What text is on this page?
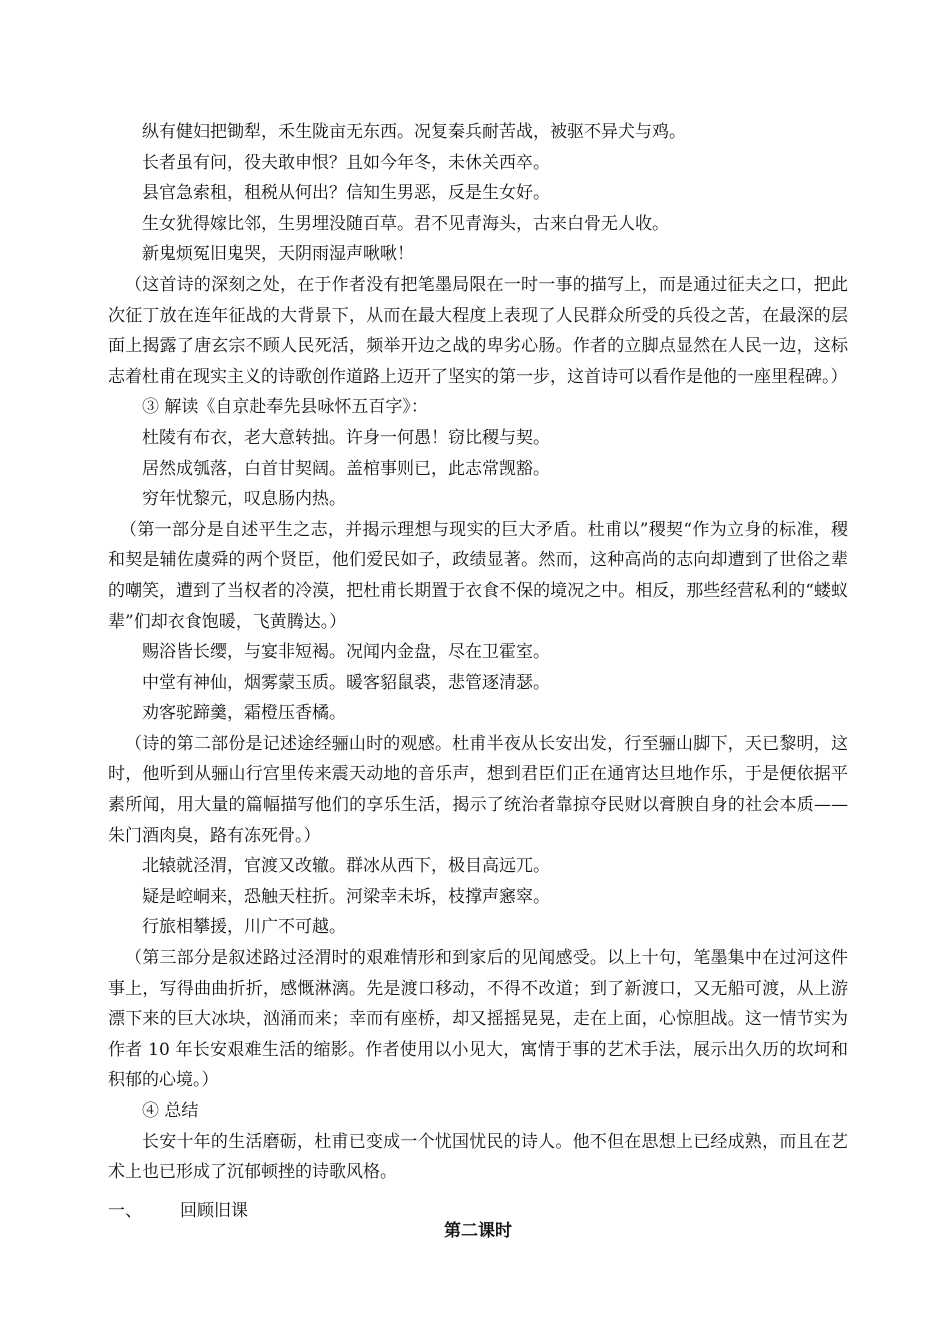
纵有健妇把锄犁，禾生陇亩无东西。况复秦兵耐苦战，被驱不异犬与鸡。

长者虽有问，役夫敢申恨？且如今年冬，未休关西卒。

县官急索租，租税从何出？信知生男恶，反是生女好。

生女犹得嫁比邻，生男埋没随百草。君不见青海头，古来白骨无人收。

新鬼烦冤旧鬼哭，天阴雨湿声啾啾！

（这首诗的深刻之处，在于作者没有把笔墨局限在一时一事的描写上，而是通过征夫之口，把此次征丁放在连年征战的大背景下，从而在最大程度上表现了人民群众所受的兵役之苦，在最深的层面上揭露了唐玄宗不顾人民死活，频举开边之战的卑劣心肠。作者的立脚点显然在人民一边，这标志着杜甫在现实主义的诗歌创作道路上迈开了坚实的第一步，这首诗可以看作是他的一座里程碑。）

③ 解读《自京赴奉先县咏怀五百字》：

杜陵有布衣，老大意转拙。许身一何愚！窃比稷与契。

居然成瓠落，白首甘契阔。盖棺事则已，此志常觊豁。

穷年忧黎元，叹息肠内热。

（第一部分是自述平生之志，并揭示理想与现实的巨大矛盾。杜甫以”稷契“作为立身的标准，稷和契是辅佐虞舜的两个贤臣，他们爱民如子，政绩显著。然而，这种高尚的志向却遭到了世俗之辈的嘲笑，遭到了当权者的冷漠，把杜甫长期置于衣食不保的境况之中。相反，那些经营私利的“蝼蚁辈”们却衣食饱暖，飞黄腾达。）

赐浴皆长缨，与宴非短褐。况闻内金盘，尽在卫霍室。

中堂有神仙，烟雾蒙玉质。暖客貂鼠裘，悲管逐清瑟。

劝客驼蹄羹，霜橙压香橘。

（诗的第二部份是记述途经骊山时的观感。杜甫半夜从长安出发，行至骊山脚下，天已黎明，这时，他听到从骊山行宫里传来震天动地的音乐声，想到君臣们正在通宵达旦地作乐，于是便依据平素所闻，用大量的篇幅描写他们的享乐生活，揭示了统治者靠掠夺民财以膏腴自身的社会本质——朱门酒肉臭，路有冻死骨。）

北辕就泾渭，官渡又改辙。群冰从西下，极目高远兀。

疑是崆峒来，恐触天柱折。河梁幸未坼，枝撑声窸窣。

行旅相攀援，川广不可越。

（第三部分是叙述路过泾渭时的艰难情形和到家后的见闻感受。以上十句，笔墨集中在过河这件事上，写得曲曲折折，感慨淋漓。先是渡口移动，不得不改道；到了新渡口，又无船可渡，从上游漂下来的巨大冰块，汹涌而来；幸而有座桥，却又摇摇晃晃，走在上面，心惊胆战。这一情节实为作者 10 年长安艰难生活的缩影。作者使用以小见大，寓情于事的艺术手法，展示出久历的坎坷和积郁的心境。）

④ 总结

长安十年的生活磨砺，杜甫已变成一个忧国忧民的诗人。他不但在思想上已经成熟，而且在艺术上也已形成了沉郁顿挫的诗歌风格。

第二课时

一、	回顾旧课
